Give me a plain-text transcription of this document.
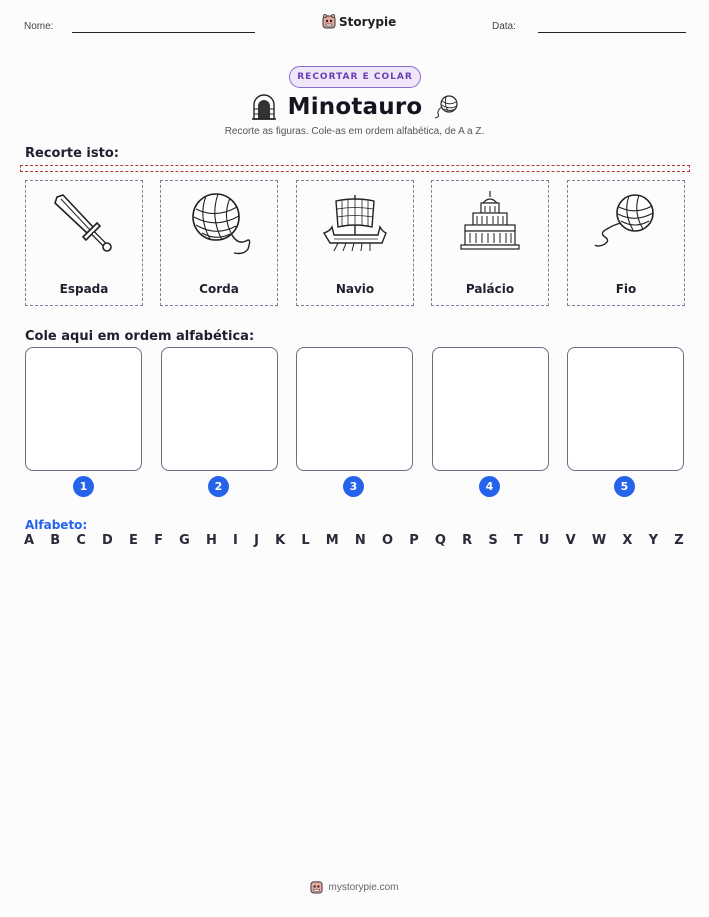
Nome:	Storypie	Data:
RECORTAR E COLAR
Minotauro
Recorte as figuras. Cole-as em ordem alfabética, de A a Z.
Recorte isto:
Espada	Corda	Navio	Palácio	Fio
Cole aqui em ordem alfabética:
1	2	3	4	5
Alfabeto:
A B C D E F G H I J K L M N O P Q R S T U V W X Y Z
mystorypie.com
